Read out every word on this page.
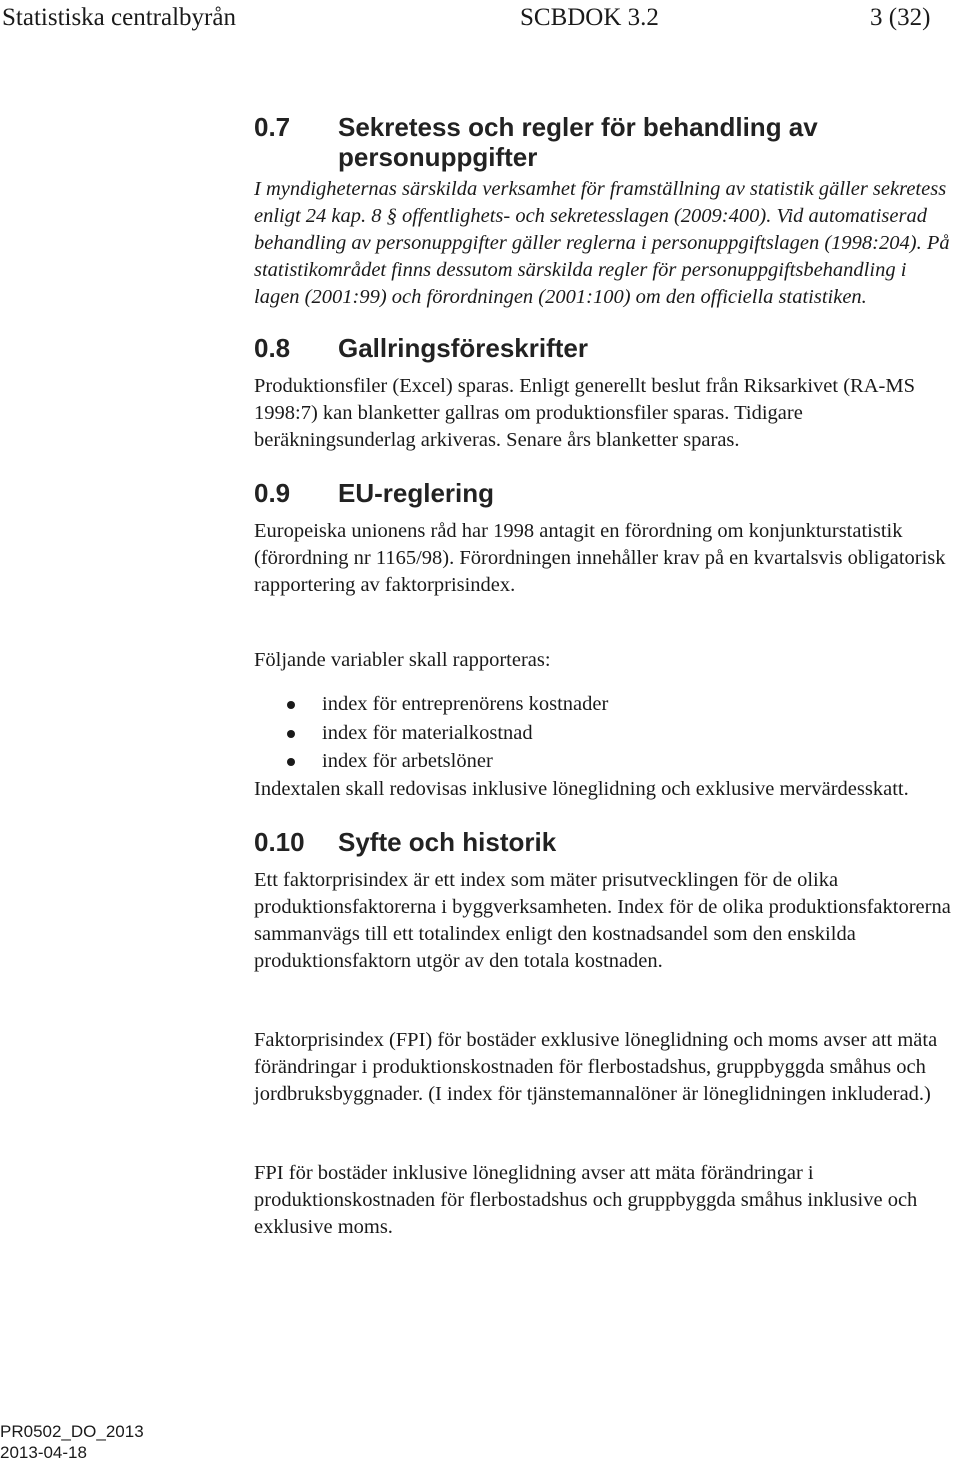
Statistiska centralbyrån	SCBDOK 3.2	3 (32)
0.7	Sekretess och regler för behandling av personuppgifter

I myndigheternas särskilda verksamhet för framställning av statistik gäller sekretess enligt 24 kap. 8 § offentlighets- och sekretesslagen (2009:400). Vid automatiserad behandling av personuppgifter gäller reglerna i personuppgiftslagen (1998:204). På statistikområdet finns dessutom särskilda regler för personuppgiftsbehandling i lagen (2001:99) och förordningen (2001:100) om den officiella statistiken.

0.8	Gallringsföreskrifter

Produktionsfiler (Excel) sparas. Enligt generellt beslut från Riksarkivet (RA-MS 1998:7) kan blanketter gallras om produktionsfiler sparas. Tidigare beräkningsunderlag arkiveras. Senare års blanketter sparas.

0.9	EU-reglering

Europeiska unionens råd har 1998 antagit en förordning om konjunkturstatistik (förordning nr 1165/98). Förordningen innehåller krav på en kvartalsvis obligatorisk rapportering av faktorprisindex.

Följande variabler skall rapporteras:

index för entreprenörens kostnader
index för materialkostnad
index för arbetslöner

Indextalen skall redovisas inklusive löneglidning och exklusive mervärdesskatt.

0.10	Syfte och historik

Ett faktorprisindex är ett index som mäter prisutvecklingen för de olika produktionsfaktorerna i byggverksamheten. Index för de olika produktionsfaktorerna sammanvägs till ett totalindex enligt den kostnadsandel som den enskilda produktionsfaktorn utgör av den totala kostnaden.

Faktorprisindex (FPI) för bostäder exklusive löneglidning och moms avser att mäta förändringar i produktionskostnaden för flerbostadshus, gruppbyggda småhus och jordbruksbyggnader. (I index för tjänstemannalöner är löneglidningen inkluderad.)

FPI för bostäder inklusive löneglidning avser att mäta förändringar i produktionskostnaden för flerbostadshus och gruppbyggda småhus inklusive och exklusive moms.

PR0502_DO_2013
2013-04-18
